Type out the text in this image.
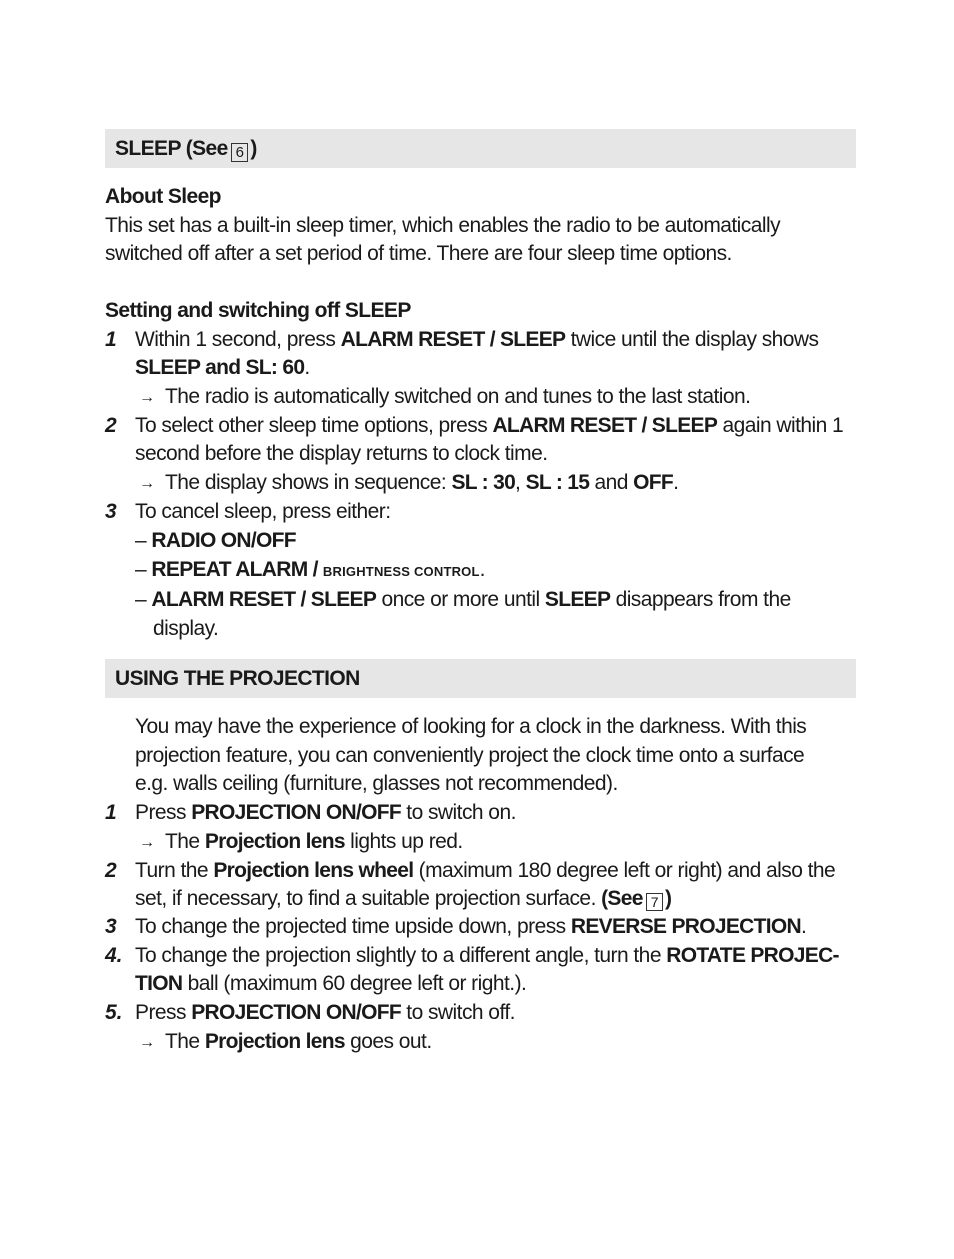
SLEEP (See 6 )
About Sleep
This set has a built-in sleep timer, which enables the radio to be automatically
switched off after a set period of time. There are four sleep time options.
Setting and switching off SLEEP
1 Within 1 second, press ALARM RESET / SLEEP twice until the display shows
SLEEP and SL: 60.
→ The radio is automatically switched on and tunes to the last station.
2 To select other sleep time options, press ALARM RESET / SLEEP again within 1
second before the display returns to clock time.
→ The display shows in sequence: SL : 30, SL : 15 and OFF.
3 To cancel sleep, press either:
– RADIO ON/OFF
– REPEAT ALARM / BRIGHTNESS CONTROL.
– ALARM RESET / SLEEP once or more until SLEEP disappears from the
display.
USING THE PROJECTION
You may have the experience of looking for a clock in the darkness. With this
projection feature, you can conveniently project the clock time onto a surface
e.g. walls ceiling (furniture, glasses not recommended).
1 Press PROJECTION ON/OFF to switch on.
→ The Projection lens lights up red.
2 Turn the Projection lens wheel (maximum 180 degree left or right) and also the
set, if necessary, to find a suitable projection surface. (See 7 )
3 To change the projected time upside down, press REVERSE PROJECTION.
4. To change the projection slightly to a different angle, turn the ROTATE PROJEC-
TION ball (maximum 60 degree left or right.).
5. Press PROJECTION ON/OFF to switch off.
→ The Projection lens goes out.
